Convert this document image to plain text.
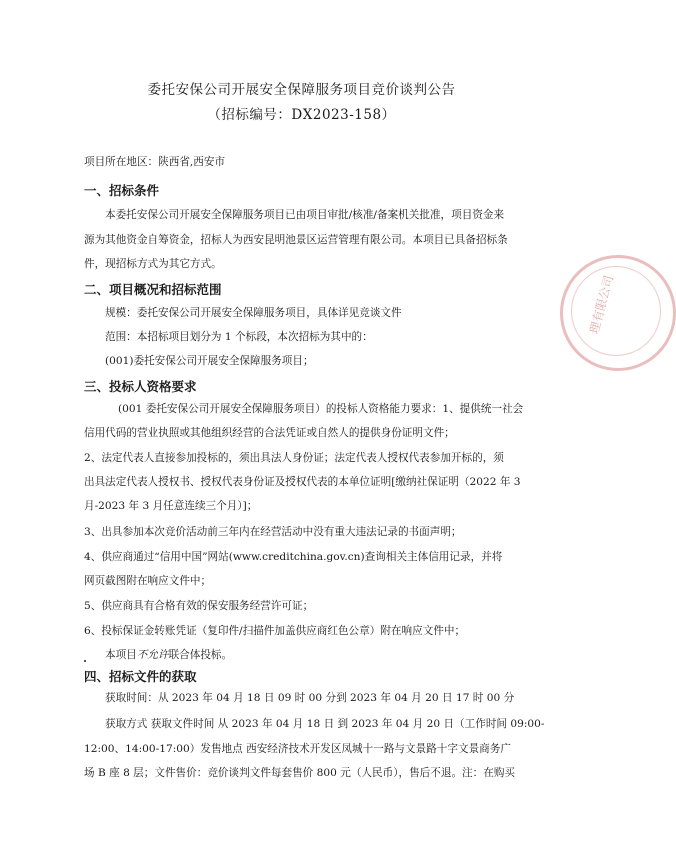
委托安保公司开展安全保障服务项目竞价谈判公告
（招标编号：DX2023-158）
项目所在地区：陕西省,西安市
一、招标条件
本委托安保公司开展安全保障服务项目已由项目审批/核准/备案机关批准，项目资金来
源为其他资金自筹资金，招标人为西安昆明池景区运营管理有限公司。本项目已具备招标条
件，现招标方式为其它方式。
二、项目概况和招标范围
规模：委托安保公司开展安全保障服务项目，具体详见竞谈文件
范围：本招标项目划分为 1 个标段，本次招标为其中的：
(001)委托安保公司开展安全保障服务项目；
三、投标人资格要求
(001 委托安保公司开展安全保障服务项目）的投标人资格能力要求：1、提供统一社会
信用代码的营业执照或其他组织经营的合法凭证或自然人的提供身份证明文件；
2、法定代表人直接参加投标的，须出具法人身份证；法定代表人授权代表参加开标的，须
出具法定代表人授权书、授权代表身份证及授权代表的本单位证明[缴纳社保证明（2022 年 3
月-2023 年 3 月任意连续三个月）]；
3、出具参加本次竞价活动前三年内在经营活动中没有重大违法记录的书面声明；
4、供应商通过“信用中国”网站(www.creditchina.gov.cn)查询相关主体信用记录，并将
网页截图附在响应文件中；
5、供应商具有合格有效的保安服务经营许可证；
6、投标保证金转账凭证（复印件/扫描件加盖供应商红色公章）附在响应文件中；
本项目不允许联合体投标。
四、招标文件的获取
获取时间：从 2023 年 04 月 18 日 09 时 00 分到 2023 年 04 月 20 日 17 时 00 分
获取方式 获取文件时间 从 2023 年 04 月 18 日 到 2023 年 04 月 20 日（工作时间 09:00-
12:00、14:00-17:00）发售地点 西安经济技术开发区凤城十一路与文景路十字文景商务广
场 B 座 8 层；文件售价：竞价谈判文件每套售价 800 元（人民币），售后不退。注：在购买
理有限公司
